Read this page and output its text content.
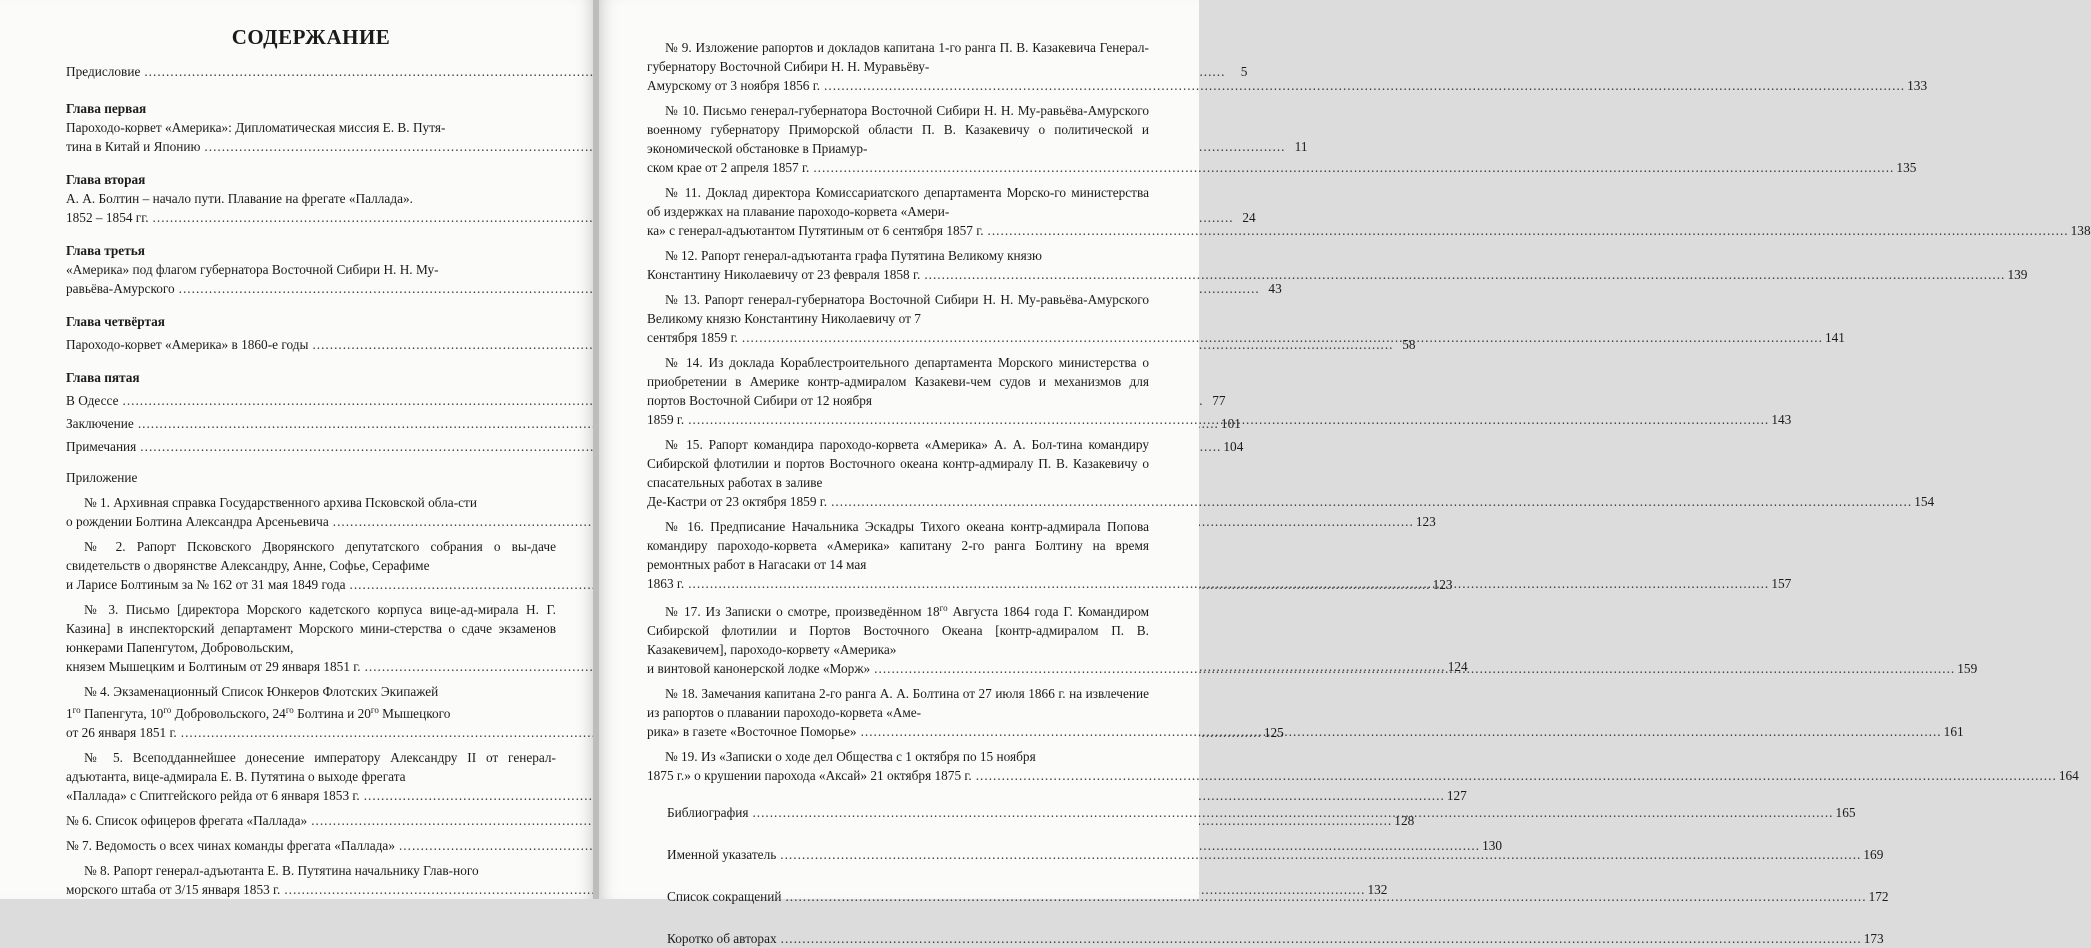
СОДЕРЖАНИЕ
Предисловие .....	5
Глава первая
Пароходо-корвет «Америка»: Дипломатическая миссия Е. В. Путя-
тина в Китай и Японию .....	11
Глава вторая
А. А. Болтин – начало пути. Плавание на фрегате «Паллада».
1852 – 1854 гг. .....	24
Глава третья
«Америка» под флагом губернатора Восточной Сибири Н. Н. Му-
равьёва-Амурского .....	43
Глава четвёртая
Пароходо-корвет «Америка» в 1860-е годы .....	58
Глава пятая
В Одессе .....	77
Заключение .....	101
Примечания .....	104
Приложение
№ 1. Архивная справка Государственного архива Псковской обла-сти
о рождении Болтина Александра Арсеньевича .....	123
№ 2. Рапорт Псковского Дворянского депутатского собрания о вы-даче свидетельств о дворянстве Александру, Анне, Софье, Серафиме
и Ларисе Болтиным за № 162 от 31 мая 1849 года .....	123
№ 3. Письмо [директора Морского кадетского корпуса вице-ад-мирала Н. Г. Казина] в инспекторский департамент Морского мини-стерства о сдаче экзаменов юнкерами Папенгутом, Добровольским,
князем Мышецким и Болтиным от 29 января 1851 г. .....	124
№ 4. Экзаменационный Список Юнкеров Флотских Экипажей
$1^{го}$ Папенгута, $10^{го}$ Добровольского, $24^{го}$ Болтина и $20^{го}$ Мышецкого
от 26 января 1851 г. .....	125
№ 5. Всеподданнейшее донесение императору Александру II от генерал-адъютанта, вице-адмирала Е. В. Путятина о выходе фрегата
«Паллада» с Спитгейского рейда от 6 января 1853 г. .....	127
№ 6. Список офицеров фрегата «Паллада» .....	128
№ 7. Ведомость о всех чинах команды фрегата «Паллада» .....	130
№ 8. Рапорт генерал-адъютанта Е. В. Путятина начальнику Глав-ного
морского штаба от 3/15 января 1853 г. .....	132
№ 9. Изложение рапортов и докладов капитана 1-го ранга П. В. Казакевича Генерал-губернатору Восточной Сибири Н. Н. Муравьёву-
Амурскому от 3 ноября 1856 г. .....	133
№ 10. Письмо генерал-губернатора Восточной Сибири Н. Н. Му-равьёва-Амурского военному губернатору Приморской области П. В. Казакевичу о политической и экономической обстановке в Приамур-
ском крае от 2 апреля 1857 г. .....	135
№ 11. Доклад директора Комиссариатского департамента Морско-го министерства об издержках на плавание пароходо-корвета «Амери-
ка» с генерал-адъютантом Путятиным от 6 сентября 1857 г. .....	138
№ 12. Рапорт генерал-адъютанта графа Путятина Великому князю
Константину Николаевичу от 23 февраля 1858 г. .....	139
№ 13. Рапорт генерал-губернатора Восточной Сибири Н. Н. Му-равьёва-Амурского Великому князю Константину Николаевичу от 7
сентября 1859 г. .....	141
№ 14. Из доклада Кораблестроительного департамента Морского министерства о приобретении в Америке контр-адмиралом Казакеви-чем судов и механизмов для портов Восточной Сибири от 12 ноября
1859 г. .....	143
№ 15. Рапорт командира пароходо-корвета «Америка» А. А. Бол-тина командиру Сибирской флотилии и портов Восточного океана контр-адмиралу П. В. Казакевичу о спасательных работах в заливе
Де-Кастри от 23 октября 1859 г. .....	154
№ 16. Предписание Начальника Эскадры Тихого океана контр-адмирала Попова командиру пароходо-корвета «Америка» капитану 2-го ранга Болтину на время ремонтных работ в Нагасаки от 14 мая
1863 г. .....	157
№ 17. Из Записки о смотре, произведённом $18^{го}$ Августа 1864 года Г. Командиром Сибирской флотилии и Портов Восточного Океана [контр-адмиралом П. В. Казакевичем], пароходо-корвету «Америка»
и винтовой канонерской лодке «Морж» .....	159
№ 18. Замечания капитана 2-го ранга А. А. Болтина от 27 июля 1866 г. на извлечение из рапортов о плавании пароходо-корвета «Аме-
рика» в газете «Восточное Поморье» .....	161
№ 19. Из «Записки о ходе дел Общества с 1 октября по 15 ноября
1875 г.» о крушении парохода «Аксай» 21 октября 1875 г. .....	164
Библиография .....	165
Именной указатель .....	169
Список сокращений .....	172
Коротко об авторах .....	173
